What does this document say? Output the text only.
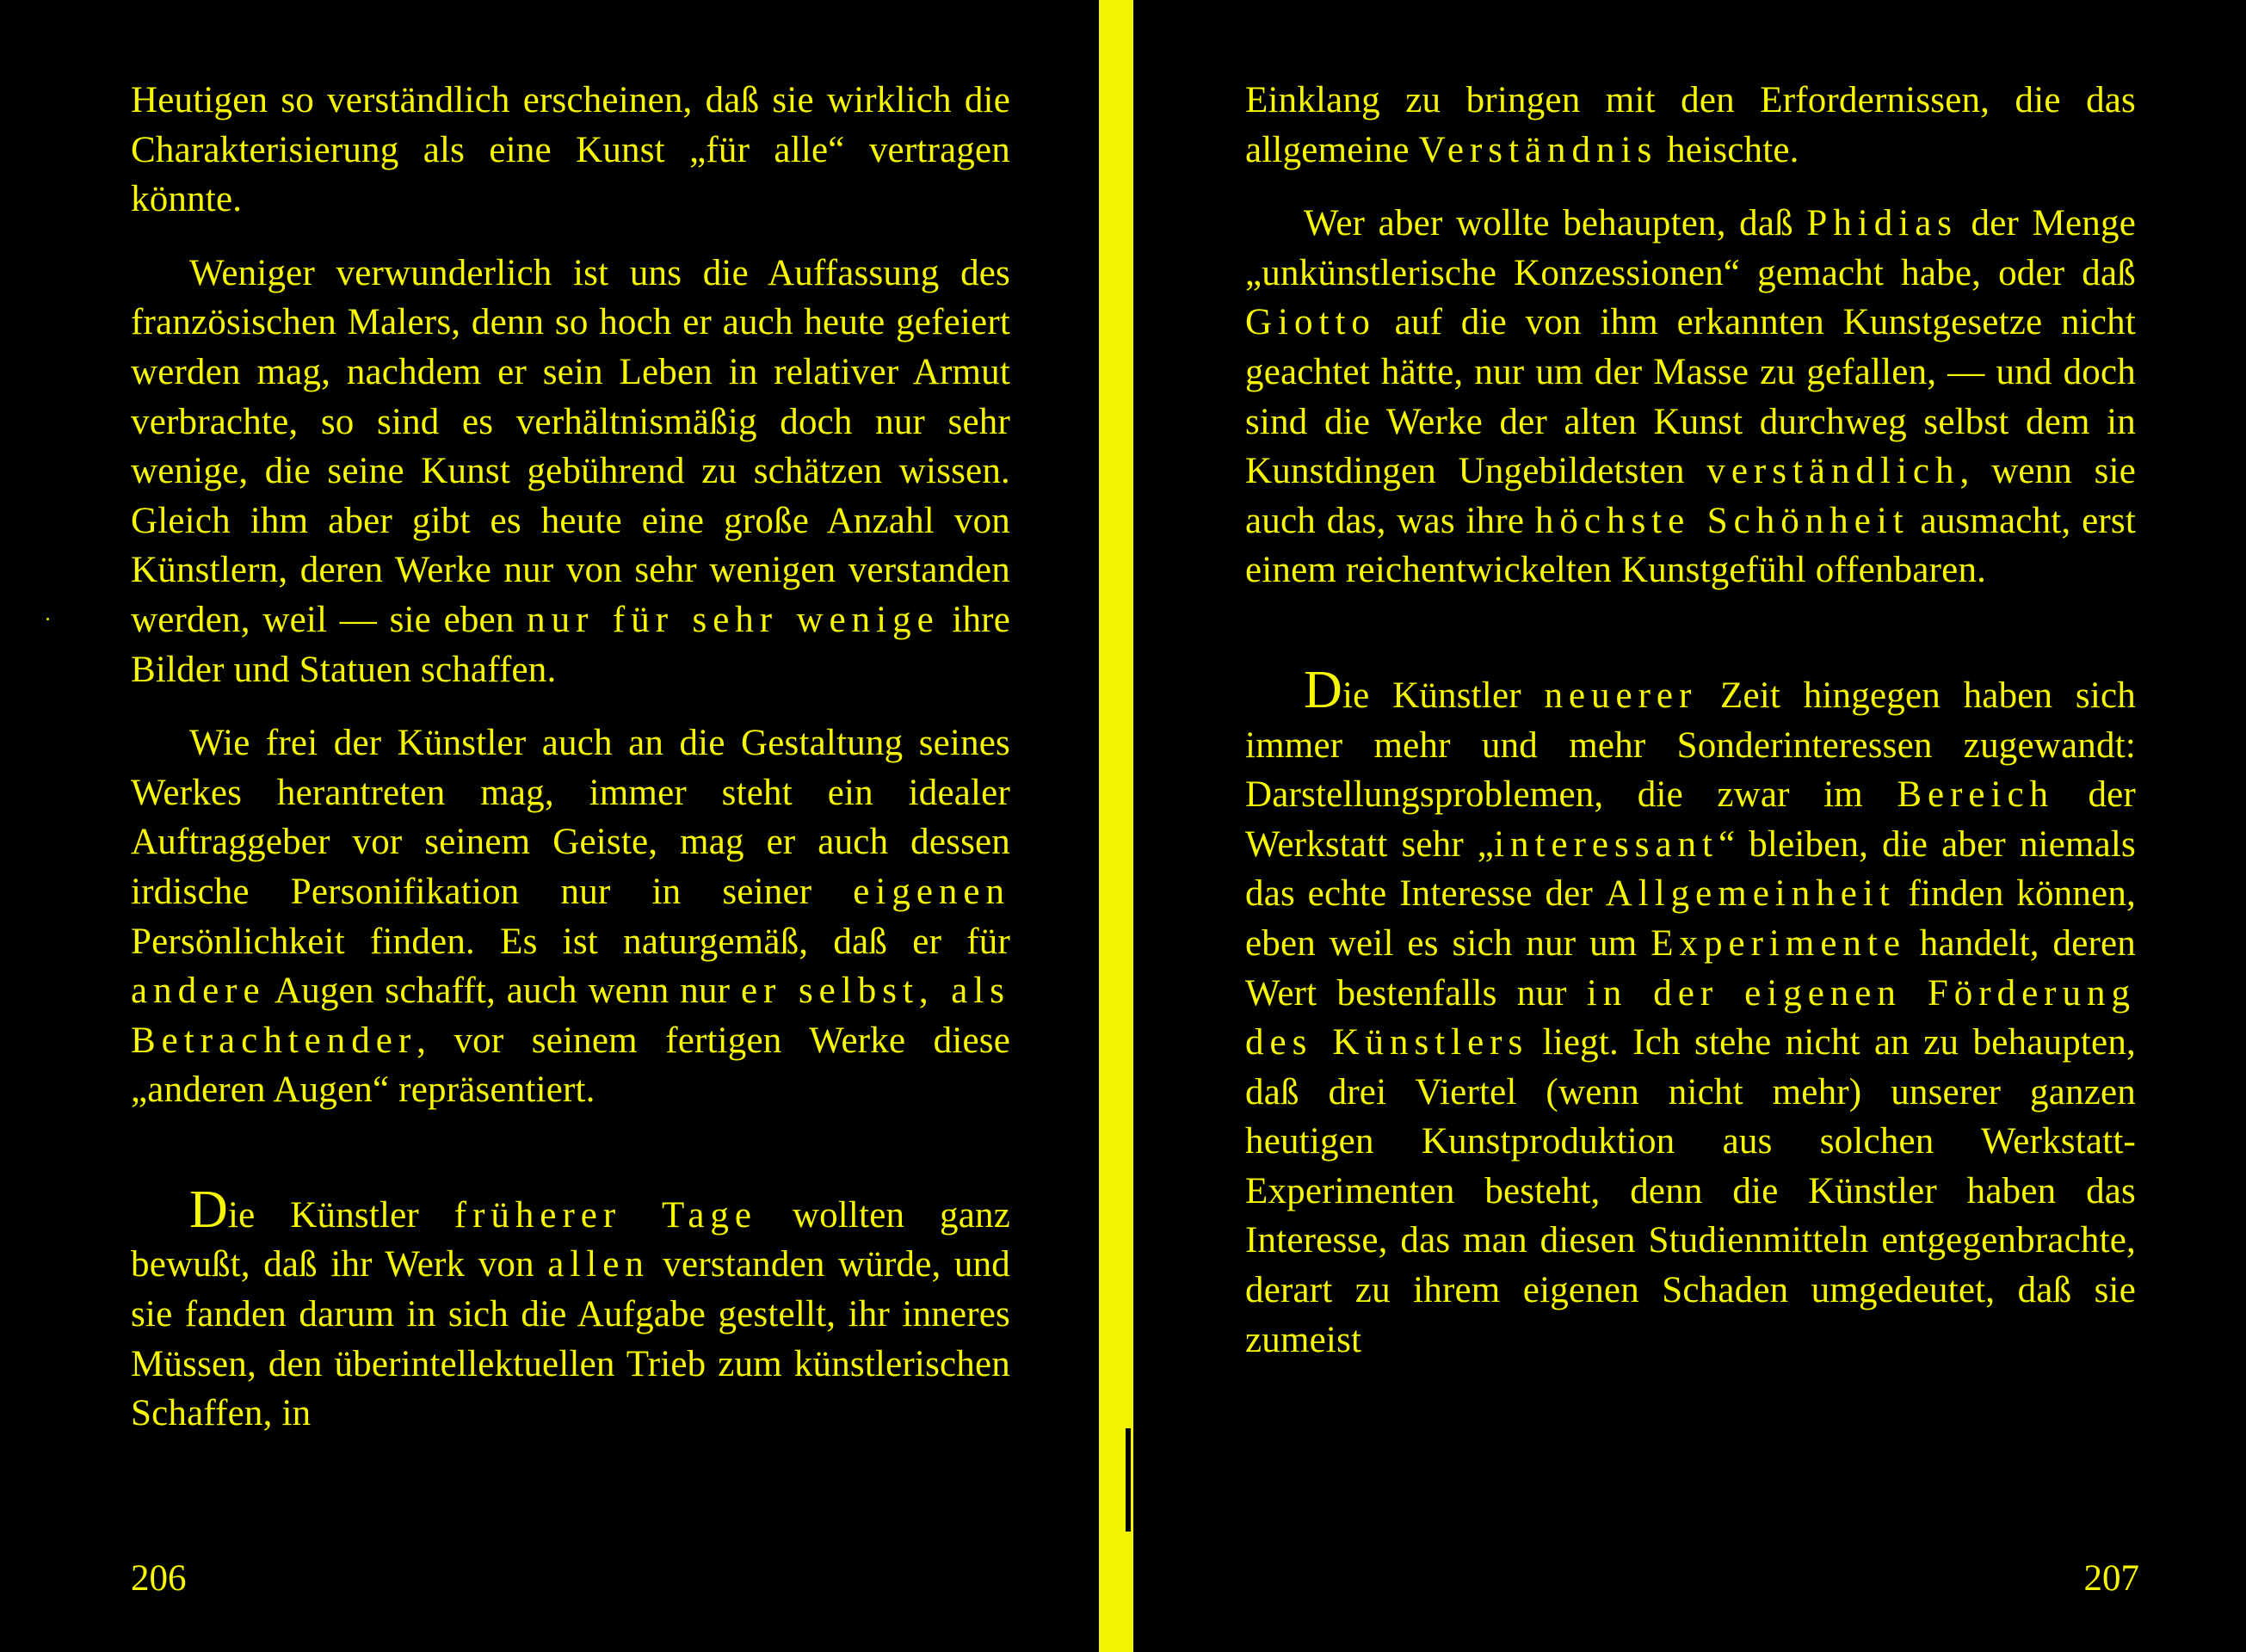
Heutigen so verständlich erscheinen, daß sie wirklich die Charakterisierung als eine Kunst „für alle“ vertragen könnte.

Weniger verwunderlich ist uns die Auffassung des französischen Malers, denn so hoch er auch heute gefeiert werden mag, nachdem er sein Leben in relativer Armut verbrachte, so sind es verhältnismäßig doch nur sehr wenige, die seine Kunst gebührend zu schätzen wissen. Gleich ihm aber gibt es heute eine große Anzahl von Künstlern, deren Werke nur von sehr wenigen verstanden werden, weil — sie eben nur für sehr wenige ihre Bilder und Statuen schaffen.

Wie frei der Künstler auch an die Gestaltung seines Werkes herantreten mag, immer steht ein idealer Auftraggeber vor seinem Geiste, mag er auch dessen irdische Personifikation nur in seiner eigenen Persönlichkeit finden. Es ist naturgemäß, daß er für andere Augen schafft, auch wenn nur er selbst, als Betrachtender, vor seinem fertigen Werke diese „anderen Augen“ repräsentiert.

Die Künstler früherer Tage wollten ganz bewußt, daß ihr Werk von allen verstanden würde, und sie fanden darum in sich die Aufgabe gestellt, ihr inneres Müssen, den überintellektuellen Trieb zum künstlerischen Schaffen, in

206

Einklang zu bringen mit den Erfordernissen, die das allgemeine Verständnis heischte.

Wer aber wollte behaupten, daß Phidias der Menge „unkünstlerische Konzessionen“ gemacht habe, oder daß Giotto auf die von ihm erkannten Kunstgesetze nicht geachtet hätte, nur um der Masse zu gefallen, — und doch sind die Werke der alten Kunst durchweg selbst dem in Kunstdingen Ungebildetsten verständlich, wenn sie auch das, was ihre höchste Schönheit ausmacht, erst einem reichentwickelten Kunstgefühl offenbaren.

Die Künstler neuerer Zeit hingegen haben sich immer mehr und mehr Sonderinteressen zugewandt: Darstellungsproblemen, die zwar im Bereich der Werkstatt sehr „interessant“ bleiben, die aber niemals das echte Interesse der Allgemeinheit finden können, eben weil es sich nur um Experimente handelt, deren Wert bestenfalls nur in der eigenen Förderung des Künstlers liegt. Ich stehe nicht an zu behaupten, daß drei Viertel (wenn nicht mehr) unserer ganzen heutigen Kunstproduktion aus solchen Werkstatt-Experimenten besteht, denn die Künstler haben das Interesse, das man diesen Studienmitteln entgegenbrachte, derart zu ihrem eigenen Schaden umgedeutet, daß sie zumeist

207
